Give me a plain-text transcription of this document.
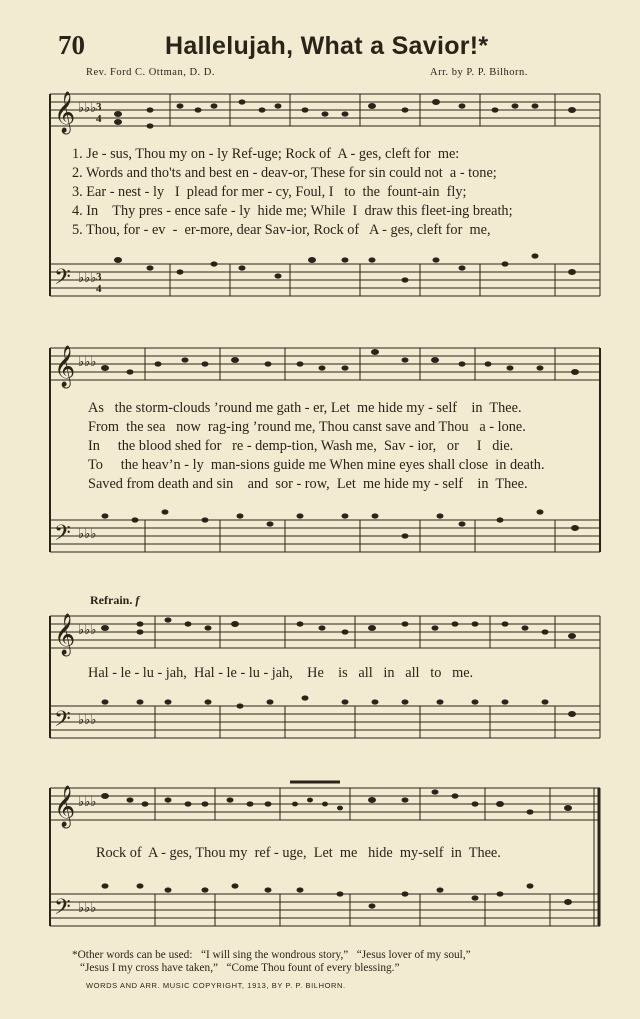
70	Hallelujah, What a Savior!*
Rev. Ford C. Ottman, D. D.	Arr. by P. P. Bilhorn.
𝄞
𝄢
♭♭♭
♭♭♭
3
4
3
4
1. Je - sus, Thou my on - ly Ref-uge; Rock of  A - ges, cleft for  me:
2. Words and tho'ts and best en - deav-or, These for sin could not  a - tone;
3. Ear - nest - ly   I  plead for mer - cy, Foul, I   to  the  fount-ain  fly;
4. In    Thy pres - ence safe - ly  hide me; While  I  draw this fleet-ing breath;
5. Thou, for - ev  -  er-more, dear Sav-ior, Rock of   A - ges, cleft for  me,
𝄞
𝄢
♭♭♭
♭♭♭
As   the storm-clouds ’round me gath - er, Let  me hide my - self    in  Thee.
From  the sea   now  rag-ing ’round me, Thou canst save and Thou   a - lone.
In     the blood shed for   re - demp-tion, Wash me,  Sav - ior,   or     I   die.
To     the heav’n - ly  man-sions guide me When mine eyes shall close  in death.
Saved from death and sin    and  sor - row,  Let  me hide my - self    in  Thee.
Refrain. f
𝄞
𝄢
♭♭♭
♭♭♭
Hal - le - lu - jah,  Hal - le - lu - jah,    He    is   all   in   all   to   me.
𝄞
𝄢
♭♭♭
♭♭♭
Rock of  A - ges, Thou my  ref - uge,  Let  me   hide  my-self  in  Thee.
*Other words can be used:   “I will sing the wondrous story,”   “Jesus lover of my soul,”
“Jesus I my cross have taken,”   “Come Thou fount of every blessing.”
WORDS AND ARR. MUSIC COPYRIGHT, 1913, BY P. P. BILHORN.
